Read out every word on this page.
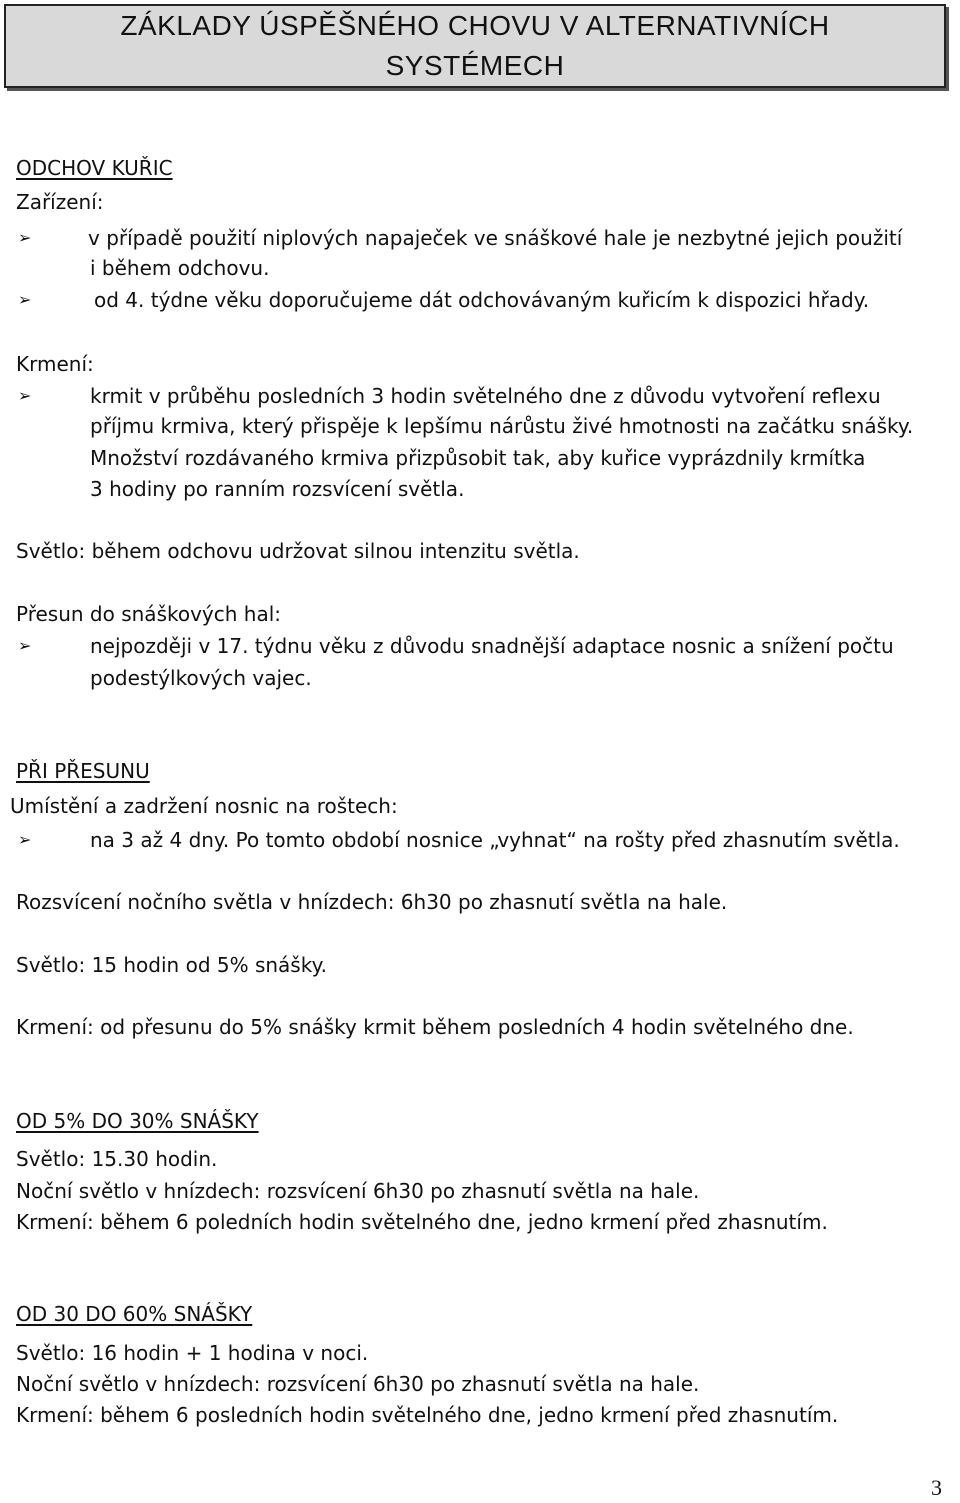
ZÁKLADY ÚSPĚŠNÉHO CHOVU V ALTERNATIVNÍCH SYSTÉMECH
ODCHOV KUŘIC
Zařízení:
➢	v případě použití niplových napaječek ve snáškové hale je nezbytné jejich použití
i během odchovu.
➢	od 4. týdne věku doporučujeme dát odchovávaným kuřicím k dispozici hřady.
Krmení:
➢	krmit v průběhu posledních 3 hodin světelného dne z důvodu vytvoření reflexu
příjmu krmiva, který přispěje k lepšímu nárůstu živé hmotnosti na začátku snášky.
Množství rozdávaného krmiva přizpůsobit tak, aby kuřice vyprázdnily krmítka
3 hodiny po ranním rozsvícení světla.
Světlo: během odchovu udržovat silnou intenzitu světla.
Přesun do snáškových hal:
➢	nejpozději v 17. týdnu věku z důvodu snadnější adaptace nosnic a snížení počtu
podestýlkových vajec.
PŘI PŘESUNU
Umístění a zadržení nosnic na roštech:
➢	na 3 až 4 dny. Po tomto období nosnice „vyhnat“ na rošty před zhasnutím světla.
Rozsvícení nočního světla v hnízdech: 6h30 po zhasnutí světla na hale.
Světlo: 15 hodin od 5% snášky.
Krmení: od přesunu do 5% snášky krmit během posledních 4 hodin světelného dne.
OD 5% DO 30% SNÁŠKY
Světlo: 15.30 hodin.
Noční světlo v hnízdech: rozsvícení 6h30 po zhasnutí světla na hale.
Krmení: během 6 poledních hodin světelného dne, jedno krmení před zhasnutím.
OD 30 DO 60% SNÁŠKY
Světlo: 16 hodin + 1 hodina v noci.
Noční světlo v hnízdech: rozsvícení 6h30 po zhasnutí světla na hale.
Krmení: během 6 posledních hodin světelného dne, jedno krmení před zhasnutím.
3
